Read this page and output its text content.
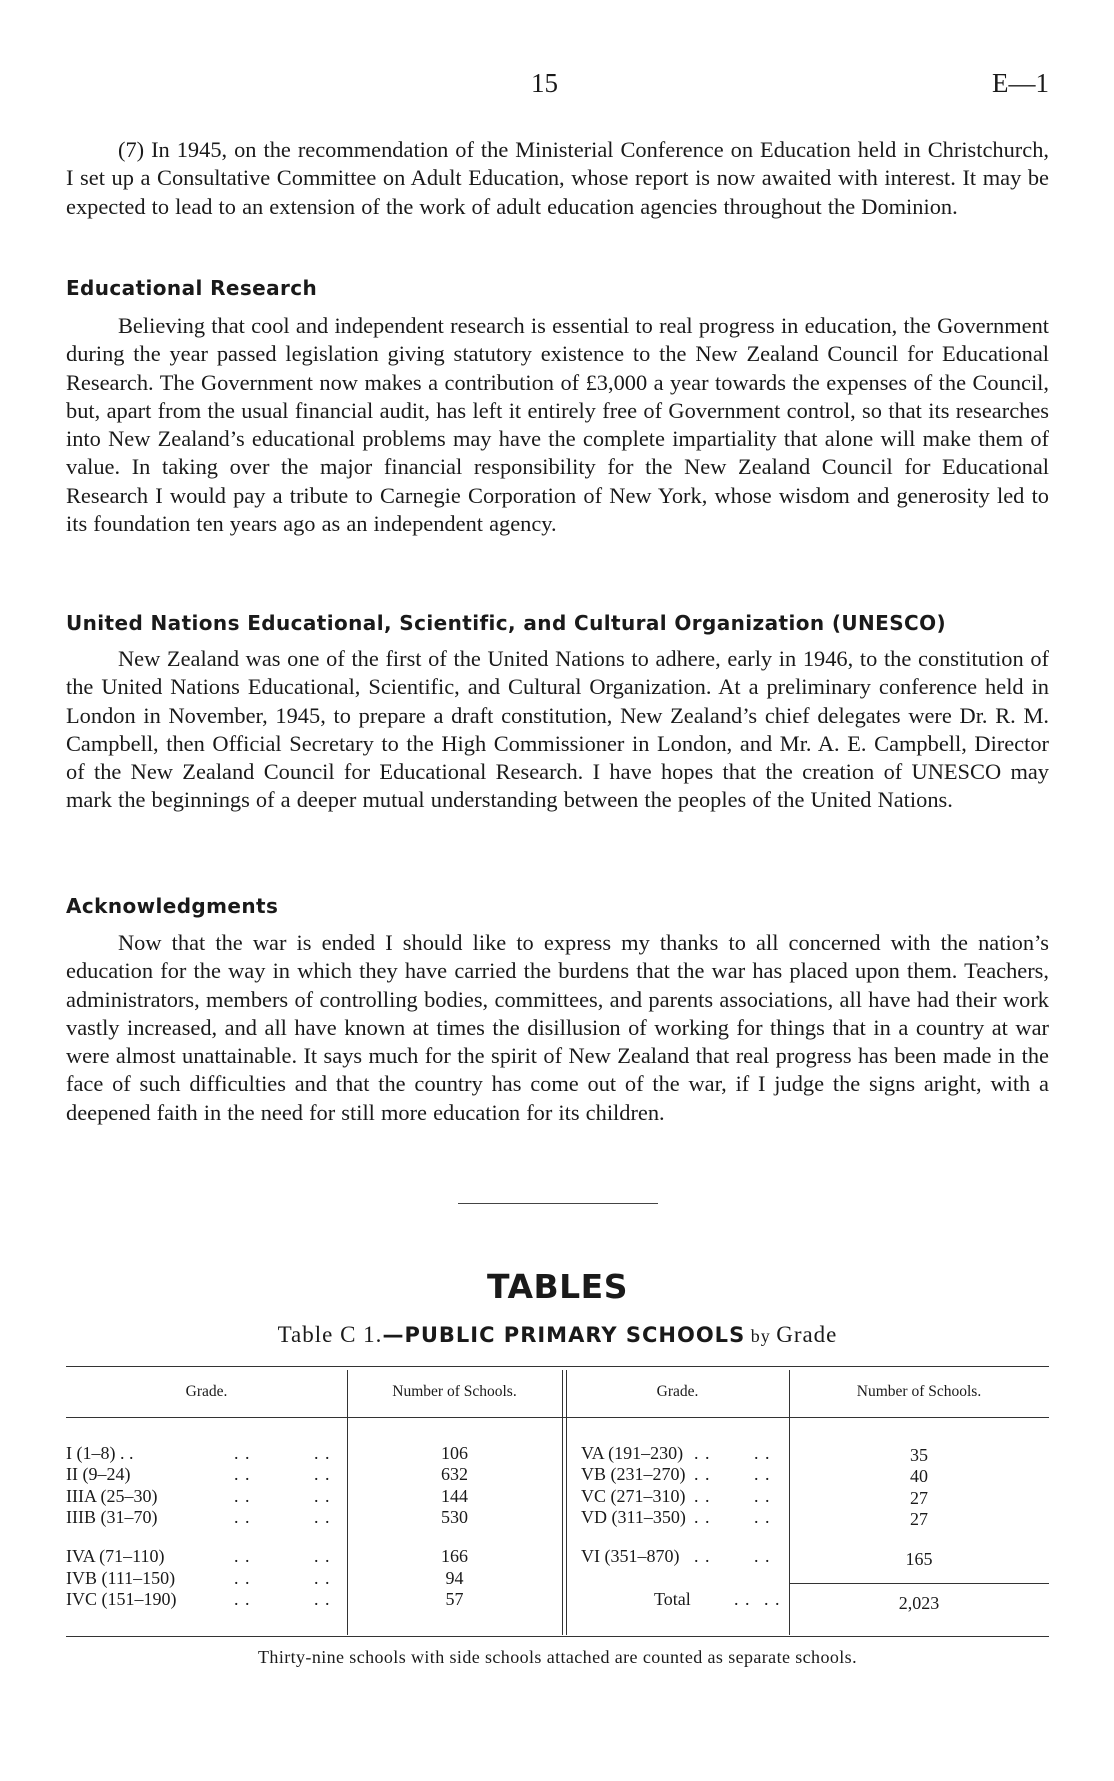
15	E—1

(7) In 1945, on the recommendation of the Ministerial Conference on Education held in Christchurch, I set up a Consultative Committee on Adult Education, whose report is now awaited with interest. It may be expected to lead to an extension of the work of adult education agencies throughout the Dominion.

Educational Research

Believing that cool and independent research is essential to real progress in education, the Government during the year passed legislation giving statutory existence to the New Zealand Council for Educational Research. The Government now makes a contribution of £3,000 a year towards the expenses of the Council, but, apart from the usual financial audit, has left it entirely free of Government control, so that its researches into New Zealand’s educational problems may have the complete impartiality that alone will make them of value. In taking over the major financial responsibility for the New Zealand Council for Educational Research I would pay a tribute to Carnegie Corporation of New York, whose wisdom and generosity led to its foundation ten years ago as an independent agency.

United Nations Educational, Scientific, and Cultural Organization (UNESCO)

New Zealand was one of the first of the United Nations to adhere, early in 1946, to the constitution of the United Nations Educational, Scientific, and Cultural Organization. At a preliminary conference held in London in November, 1945, to prepare a draft constitution, New Zealand’s chief delegates were Dr. R. M. Campbell, then Official Secretary to the High Commissioner in London, and Mr. A. E. Campbell, Director of the New Zealand Council for Educational Research. I have hopes that the creation of UNESCO may mark the beginnings of a deeper mutual understanding between the peoples of the United Nations.

Acknowledgments

Now that the war is ended I should like to express my thanks to all concerned with the nation’s education for the way in which they have carried the burdens that the war has placed upon them. Teachers, administrators, members of controlling bodies, committees, and parents associations, all have had their work vastly increased, and all have known at times the disillusion of working for things that in a country at war were almost unattainable. It says much for the spirit of New Zealand that real progress has been made in the face of such difficulties and that the country has come out of the war, if I judge the signs aright, with a deepened faith in the need for still more education for its children.

TABLES
Table C 1.—PUBLIC PRIMARY SCHOOLS by Grade
Grade.	Number of Schools.	Grade.	Number of Schools.
I (1–8) . .	. .	. .	106
II (9–24)	. .	. .	632
IIIA (25–30)	. .	. .	144
IIIB (31–70)	. .	. .	530
IVA (71–110)	. .	. .	166
IVB (111–150)	. .	. .	94
IVC (151–190)	. .	. .	57
VA (191–230) . . . .	35
VB (231–270) . . . .	40
VC (271–310) . . . .	27
VD (311–350) . . . .	27
VI (351–870) . . . .	165
Total . . . .	2,023
Thirty-nine schools with side schools attached are counted as separate schools.
